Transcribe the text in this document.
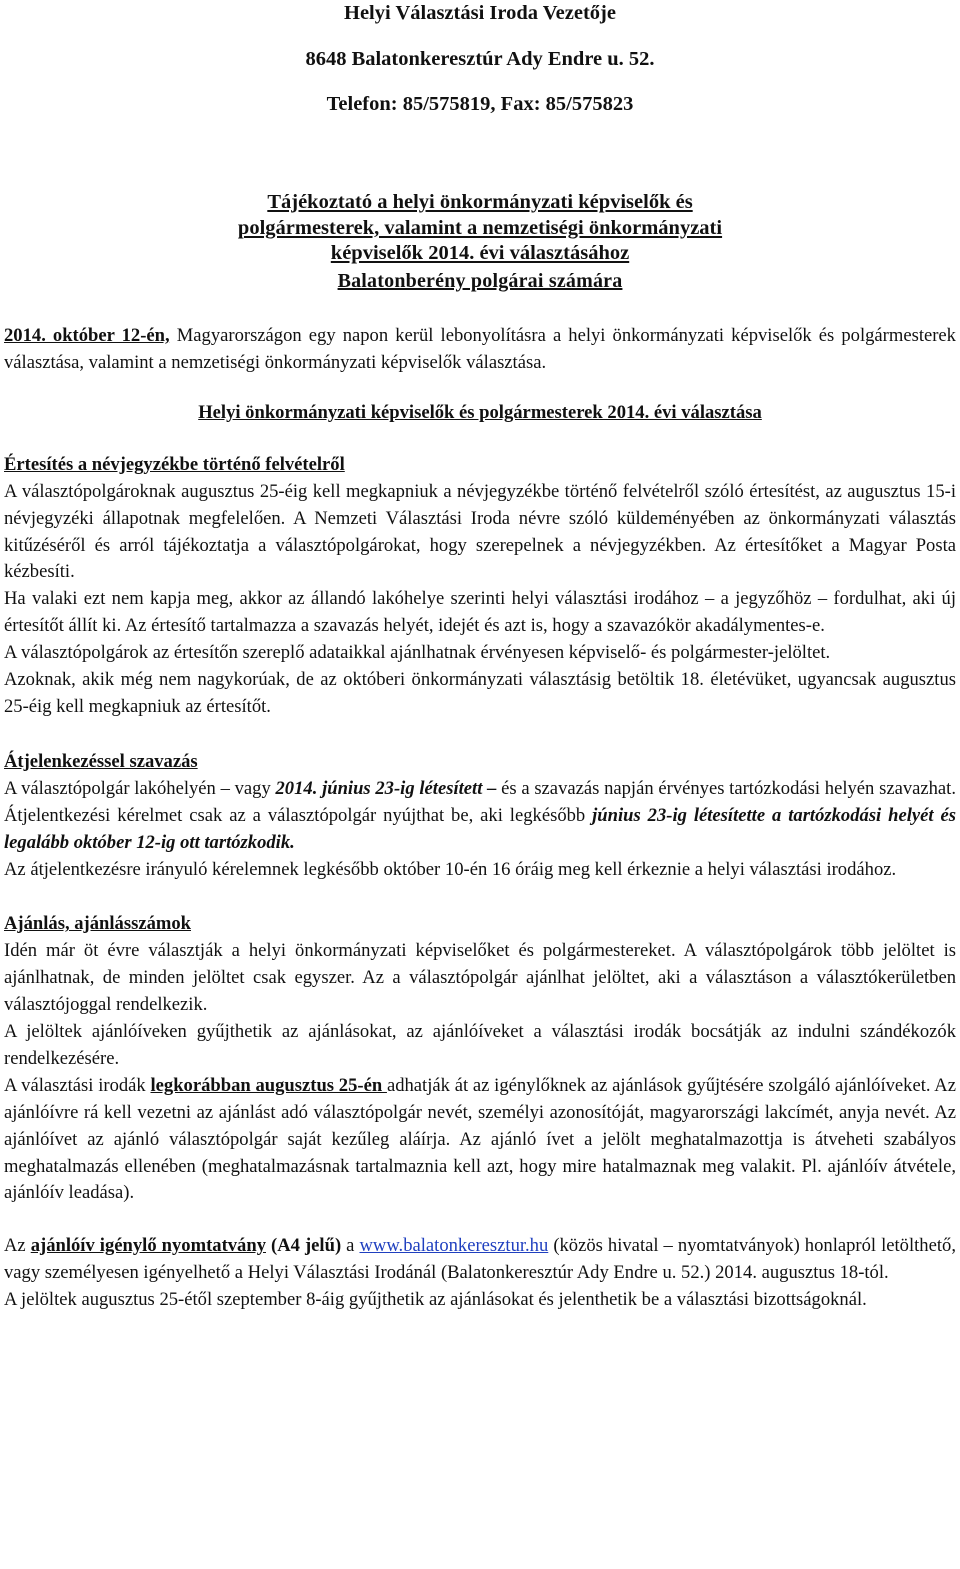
Helyi Választási Iroda Vezetője
8648 Balatonkeresztúr Ady Endre u. 52.
Telefon: 85/575819, Fax: 85/575823
Tájékoztató a helyi önkormányzati képviselők és
polgármesterek, valamint a nemzetiségi önkormányzati
képviselők 2014. évi választásához
Balatonberény polgárai számára

2014. október 12-én, Magyarországon egy napon kerül lebonyolításra a helyi önkormányzati képviselők és polgármesterek választása, valamint a nemzetiségi önkormányzati képviselők választása.

Helyi önkormányzati képviselők és polgármesterek 2014. évi választása
Értesítés a névjegyzékbe történő felvételről

A választópolgároknak augusztus 25-éig kell megkapniuk a névjegyzékbe történő felvételről szóló értesítést, az augusztus 15-i névjegyzéki állapotnak megfelelően. A Nemzeti Választási Iroda névre szóló küldeményében az önkormányzati választás kitűzéséről és arról tájékoztatja a választópolgárokat, hogy szerepelnek a névjegyzékben. Az értesítőket a Magyar Posta kézbesíti.

Ha valaki ezt nem kapja meg, akkor az állandó lakóhelye szerinti helyi választási irodához – a jegyzőhöz – fordulhat, aki új értesítőt állít ki. Az értesítő tartalmazza a szavazás helyét, idejét és azt is, hogy a szavazókör akadálymentes-e.

A választópolgárok az értesítőn szereplő adataikkal ajánlhatnak érvényesen képviselő- és polgármester-jelöltet.

Azoknak, akik még nem nagykorúak, de az októberi önkormányzati választásig betöltik 18. életévüket, ugyancsak augusztus 25-éig kell megkapniuk az értesítőt.

Átjelenkezéssel szavazás

A választópolgár lakóhelyén – vagy 2014. június 23-ig létesített – és a szavazás napján érvényes tartózkodási helyén szavazhat. Átjelentkezési kérelmet csak az a választópolgár nyújthat be, aki legkésőbb június 23-ig létesítette a tartózkodási helyét és legalább október 12-ig ott tartózkodik.

Az átjelentkezésre irányuló kérelemnek legkésőbb október 10-én 16 óráig meg kell érkeznie a helyi választási irodához.

Ajánlás, ajánlásszámok

Idén már öt évre választják a helyi önkormányzati képviselőket és polgármestereket. A választópolgárok több jelöltet is ajánlhatnak, de minden jelöltet csak egyszer. Az a választópolgár ajánlhat jelöltet, aki a választáson a választókerületben választójoggal rendelkezik.

A jelöltek ajánlóíveken gyűjthetik az ajánlásokat, az ajánlóíveket a választási irodák bocsátják az indulni szándékozók rendelkezésére.

A választási irodák legkorábban augusztus 25-én adhatják át az igénylőknek az ajánlások gyűjtésére szolgáló ajánlóíveket. Az ajánlóívre rá kell vezetni az ajánlást adó választópolgár nevét, személyi azonosítóját, magyarországi lakcímét, anyja nevét. Az ajánlóívet az ajánló választópolgár saját kezűleg aláírja. Az ajánló ívet a jelölt meghatalmazottja is átveheti szabályos meghatalmazás ellenében (meghatalmazásnak tartalmaznia kell azt, hogy mire hatalmaznak meg valakit. Pl. ajánlóív átvétele, ajánlóív leadása).

Az ajánlóív igénylő nyomtatvány (A4 jelű) a www.balatonkeresztur.hu (közös hivatal – nyomtatványok) honlapról letölthető, vagy személyesen igényelhető a Helyi Választási Irodánál (Balatonkeresztúr Ady Endre u. 52.) 2014. augusztus 18-tól.

A jelöltek augusztus 25-étől szeptember 8-áig gyűjthetik az ajánlásokat és jelenthetik be a választási bizottságoknál.
